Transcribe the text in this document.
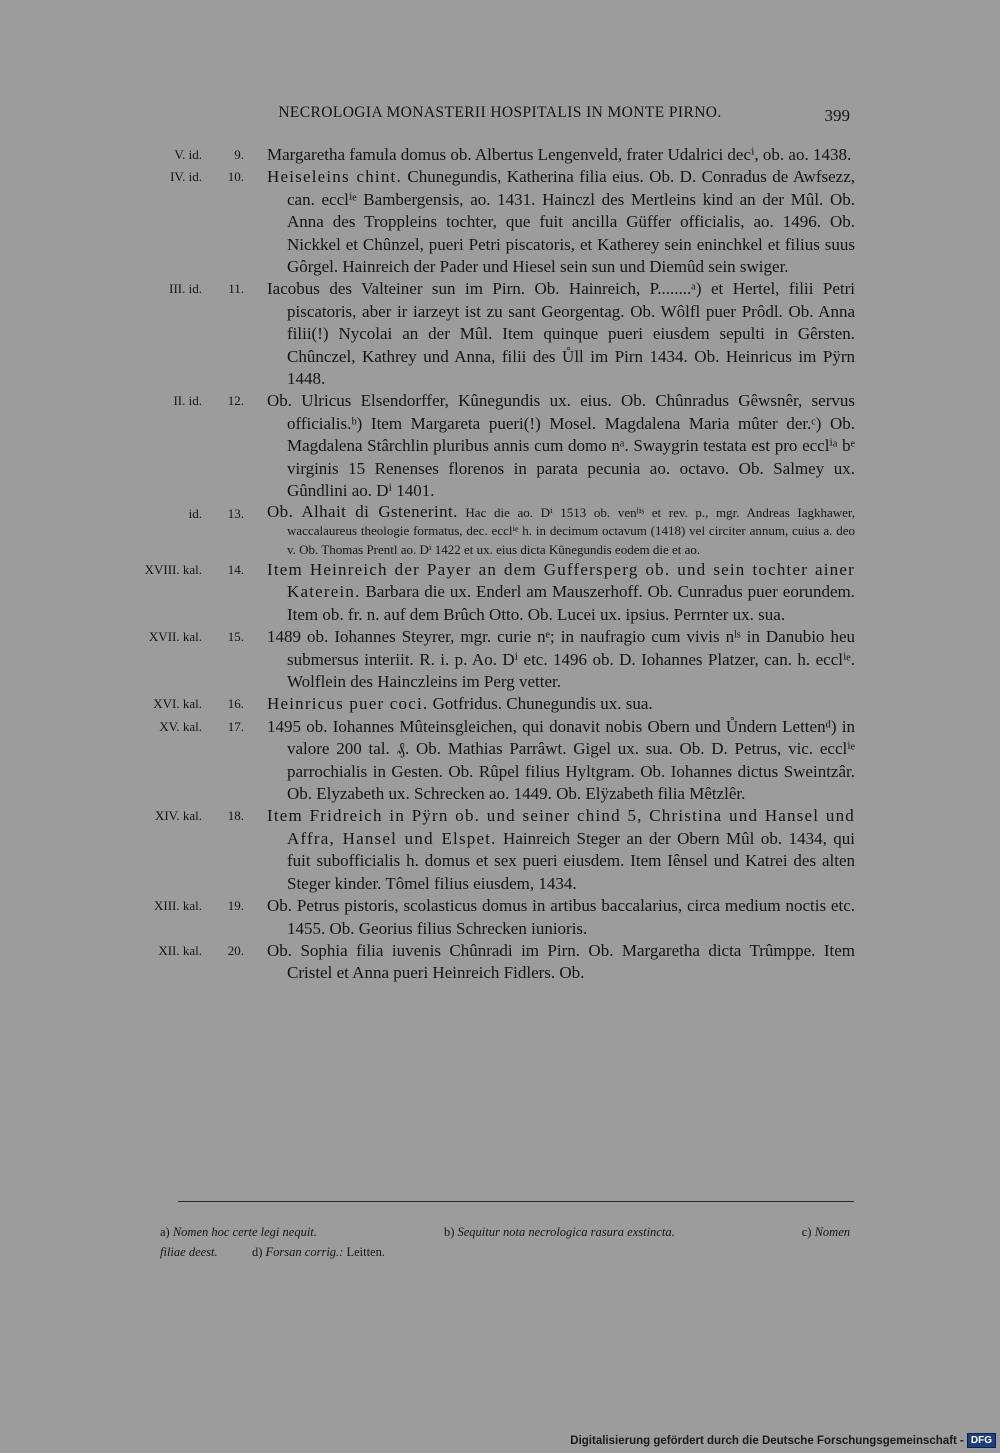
NECROLOGIA MONASTERII HOSPITALIS IN MONTE PIRNO.	399
V. id.	9.	Margaretha famula domus ob. Albertus Lengenveld, frater Udalrici decⁱ, ob. ao. 1438.
IV. id.	10.	Heiseleins chint. Chunegundis, Katherina filia eius. Ob. D. Conradus de Awfsezz, can. ecclⁱᵉ Bambergensis, ao. 1431. Hainczl des Mertleins kind an der Mûl. Ob. Anna des Troppleins tochter, que fuit ancilla Güffer officialis, ao. 1496. Ob. Nickkel et Chûnzel, pueri Petri piscatoris, et Katherey sein eninchkel et filius suus Gôrgel. Hainreich der Pader und Hiesel sein sun und Diemûd sein swiger.
III. id.	11.	Iacobus des Valteiner sun im Pirn. Ob. Hainreich, P........ᵃ) et Hertel, filii Petri piscatoris, aber ir iarzeyt ist zu sant Georgentag. Ob. Wôlfl puer Prôdl. Ob. Anna filii(!) Nycolai an der Mûl. Item quinque pueri eiusdem sepulti in Gêrsten. Chûnczel, Kathrey und Anna, filii des Ůll im Pirn 1434. Ob. Heinricus im Pÿrn 1448.
II. id.	12.	Ob. Ulricus Elsendorffer, Kûnegundis ux. eius. Ob. Chûnradus Gêwsnêr, servus officialis.ᵇ) Item Margareta pueri(!) Mosel. Magdalena Maria mûter der.ᶜ) Ob. Magdalena Stârchlin pluribus annis cum domo nᵃ. Swaygrin testata est pro ecclⁱᵃ bᵉ virginis 15 Renenses florenos in parata pecunia ao. octavo. Ob. Salmey ux. Gûndlini ao. Dⁱ 1401.
id.	13.	Ob. Alhait di Gstenerint. Hac die ao. Dⁱ 1513 ob. venˡⁱˢ et rev. p., mgr. Andreas Iagkhawer, waccalaureus theologie formatus, dec. ecclⁱᵉ h. in decimum octavum (1418) vel circiter annum, cuius a. deo v. Ob. Thomas Prentl ao. Dⁱ 1422 et ux. eius dicta Kûnegundis eodem die et ao.
XVIII. kal.	14.	Item Heinreich der Payer an dem Guffersperg ob. und sein tochter ainer Katerein. Barbara die ux. Enderl am Mauszerhoff. Ob. Cunradus puer eorundem. Item ob. fr. n. auf dem Brûch Otto. Ob. Lucei ux. ipsius. Perrnter ux. sua.
XVII. kal.	15.	1489 ob. Iohannes Steyrer, mgr. curie nᵉ; in naufragio cum vivis nˡˢ in Danubio heu submersus interiit. R. i. p. Ao. Dⁱ etc. 1496 ob. D. Iohannes Platzer, can. h. ecclⁱᵉ. Wolflein des Hainczleins im Perg vetter.
XVI. kal.	16.	Heinricus puer coci. Gotfridus. Chunegundis ux. sua.
XV. kal.	17.	1495 ob. Iohannes Mûteinsgleichen, qui donavit nobis Obern und Ůndern Lettenᵈ) in valore 200 tal. ₰. Ob. Mathias Parrâwt. Gigel ux. sua. Ob. D. Petrus, vic. ecclⁱᵉ parrochialis in Gesten. Ob. Rûpel filius Hyltgram. Ob. Iohannes dictus Sweintzâr. Ob. Elyzabeth ux. Schrecken ao. 1449. Ob. Elÿzabeth filia Mêtzlêr.
XIV. kal.	18.	Item Fridreich in Pÿrn ob. und seiner chind 5, Christina und Hansel und Affra, Hansel und Elspet. Hainreich Steger an der Obern Mûl ob. 1434, qui fuit subofficialis h. domus et sex pueri eiusdem. Item Iênsel und Katrei des alten Steger kinder. Tômel filius eiusdem, 1434.
XIII. kal.	19.	Ob. Petrus pistoris, scolasticus domus in artibus baccalarius, circa medium noctis etc. 1455. Ob. Georius filius Schrecken iunioris.
XII. kal.	20.	Ob. Sophia filia iuvenis Chûnradi im Pirn. Ob. Margaretha dicta Trûmppe. Item Cristel et Anna pueri Heinreich Fidlers. Ob.
a) Nomen hoc certe legi nequit.	b) Sequitur nota necrologica rasura exstincta.	c) Nomen
filiae deest.	d) Forsan corrig.: Leitten.
Digitalisierung gefördert durch die Deutsche Forschungsgemeinschaft - DFG
